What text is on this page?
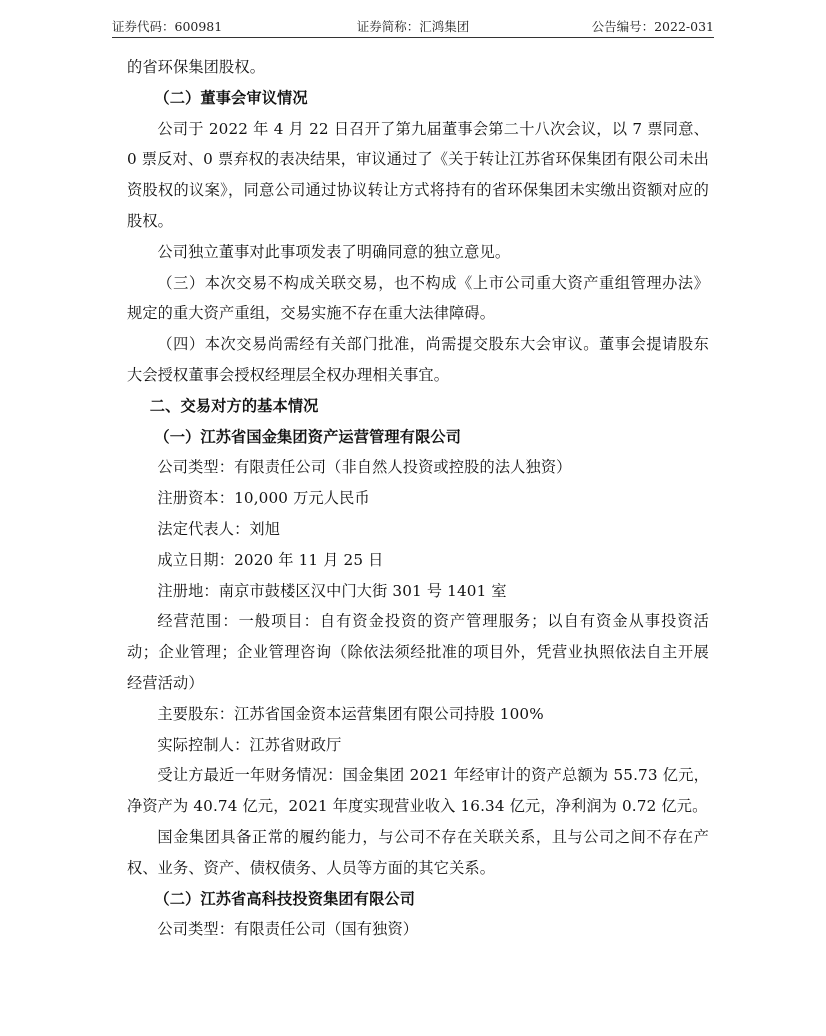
证券代码：600981	证券简称：汇鸿集团	公告编号：2022-031

的省环保集团股权。

（二）董事会审议情况

公司于 2022 年 4 月 22 日召开了第九届董事会第二十八次会议，以 7 票同意、0 票反对、0 票弃权的表决结果，审议通过了《关于转让江苏省环保集团有限公司未出资股权的议案》，同意公司通过协议转让方式将持有的省环保集团未实缴出资额对应的股权。

公司独立董事对此事项发表了明确同意的独立意见。

（三）本次交易不构成关联交易，也不构成《上市公司重大资产重组管理办法》规定的重大资产重组，交易实施不存在重大法律障碍。

（四）本次交易尚需经有关部门批准，尚需提交股东大会审议。董事会提请股东大会授权董事会授权经理层全权办理相关事宜。

二、交易对方的基本情况

（一）江苏省国金集团资产运营管理有限公司

公司类型：有限责任公司（非自然人投资或控股的法人独资）

注册资本：10,000 万元人民币

法定代表人：刘旭

成立日期：2020 年 11 月 25 日

注册地：南京市鼓楼区汉中门大街 301 号 1401 室

经营范围：一般项目：自有资金投资的资产管理服务；以自有资金从事投资活动；企业管理；企业管理咨询（除依法须经批准的项目外，凭营业执照依法自主开展经营活动）

主要股东：江苏省国金资本运营集团有限公司持股 100%

实际控制人：江苏省财政厅

受让方最近一年财务情况：国金集团 2021 年经审计的资产总额为 55.73 亿元，净资产为 40.74 亿元，2021 年度实现营业收入 16.34 亿元，净利润为 0.72 亿元。

国金集团具备正常的履约能力，与公司不存在关联关系，且与公司之间不存在产权、业务、资产、债权债务、人员等方面的其它关系。

（二）江苏省高科技投资集团有限公司

公司类型：有限责任公司（国有独资）
